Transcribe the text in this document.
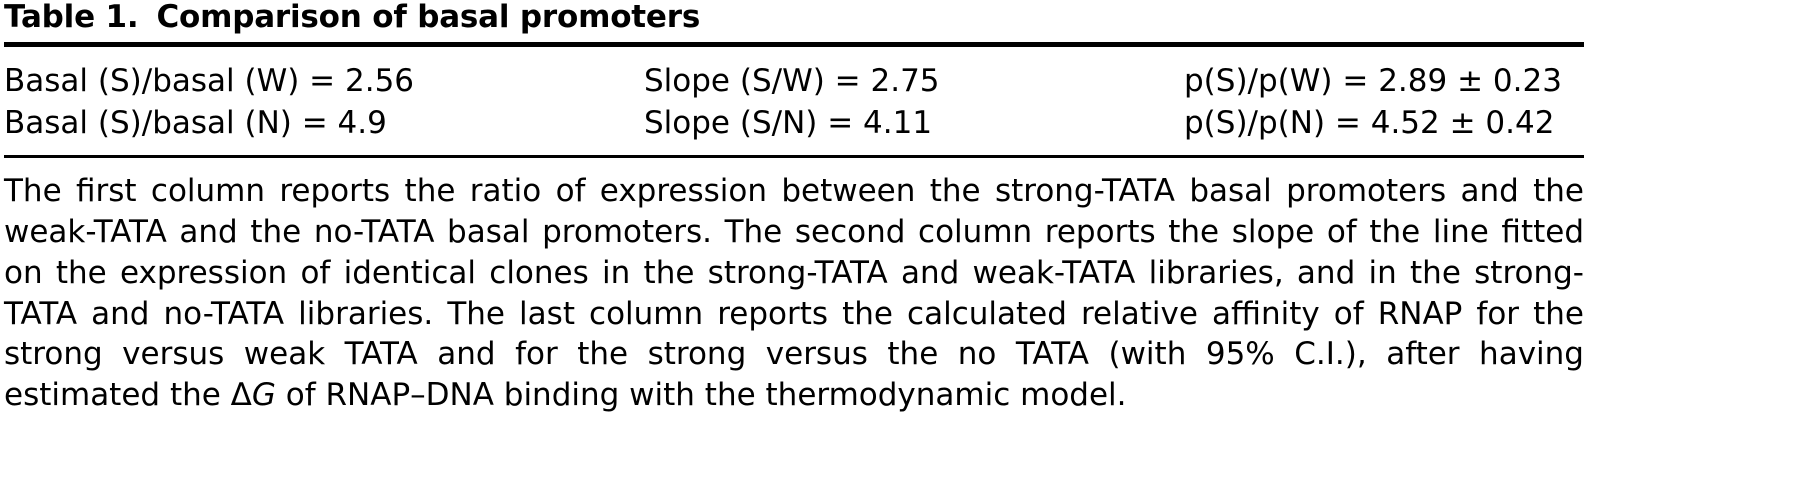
Table 1. Comparison of basal promoters
Basal (S)/basal (W) = 2.56	Slope (S/W) = 2.75	p(S)/p(W) = 2.89 ± 0.23
Basal (S)/basal (N) = 4.9	Slope (S/N) = 4.11	p(S)/p(N) = 4.52 ± 0.42
The first column reports the ratio of expression between the strong-TATA basal promoters and the weak-TATA and the no-TATA basal promoters. The second column reports the slope of the line fitted on the expression of identical clones in the strong-TATA and weak-TATA libraries, and in the strong-TATA and no-TATA libraries. The last column reports the calculated relative affinity of RNAP for the strong versus weak TATA and for the strong versus the no TATA (with 95% C.I.), after having estimated the ΔG of RNAP–DNA binding with the thermodynamic model.
